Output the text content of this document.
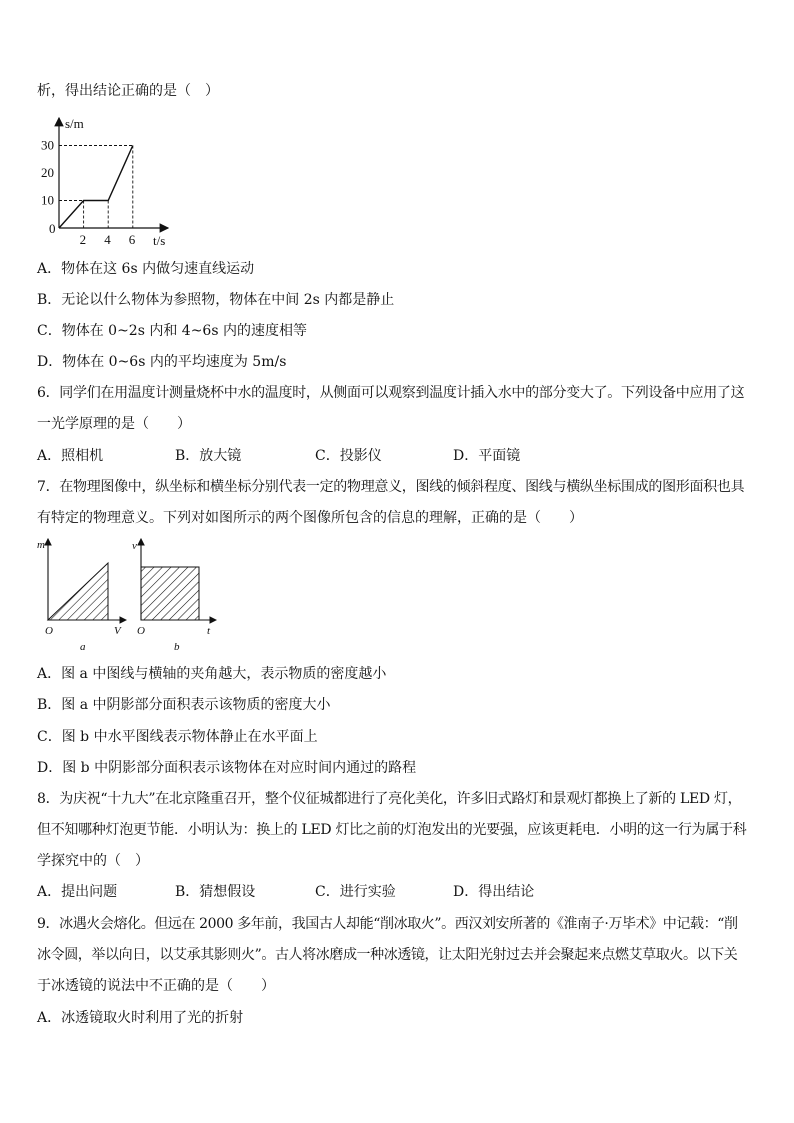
析，得出结论正确的是（　）
s/m
t/s
0
10
20
30
2 4 6
A．物体在这 6s 内做匀速直线运动
B．无论以什么物体为参照物，物体在中间 2s 内都是静止
C．物体在 0~2s 内和 4~6s 内的速度相等
D．物体在 0~6s 内的平均速度为 5m/s
6．同学们在用温度计测量烧杯中水的温度时，从侧面可以观察到温度计插入水中的部分变大了。下列设备中应用了这
一光学原理的是（　　）
A．照相机	B．放大镜	C．投影仪	D．平面镜
7．在物理图像中，纵坐标和横坐标分别代表一定的物理意义，图线的倾斜程度、图线与横纵坐标围成的图形面积也具
有特定的物理意义。下列对如图所示的两个图像所包含的信息的理解，正确的是（　　）
m
V
O
a
v
t
O
b
A．图 a 中图线与横轴的夹角越大，表示物质的密度越小
B．图 a 中阴影部分面积表示该物质的密度大小
C．图 b 中水平图线表示物体静止在水平面上
D．图 b 中阴影部分面积表示该物体在对应时间内通过的路程
8．为庆祝“十九大”在北京隆重召开，整个仪征城都进行了亮化美化，许多旧式路灯和景观灯都换上了新的 LED 灯，
但不知哪种灯泡更节能．小明认为：换上的 LED 灯比之前的灯泡发出的光要强，应该更耗电．小明的这一行为属于科
学探究中的（　）
A．提出问题	B．猜想假设	C．进行实验	D．得出结论
9．冰遇火会熔化。但远在 2000 多年前，我国古人却能“削冰取火”。西汉刘安所著的《淮南子·万毕术》中记载：“削
冰令圆，举以向日，以艾承其影则火”。古人将冰磨成一种冰透镜，让太阳光射过去并会聚起来点燃艾草取火。以下关
于冰透镜的说法中不正确的是（　　）
A．冰透镜取火时利用了光的折射
